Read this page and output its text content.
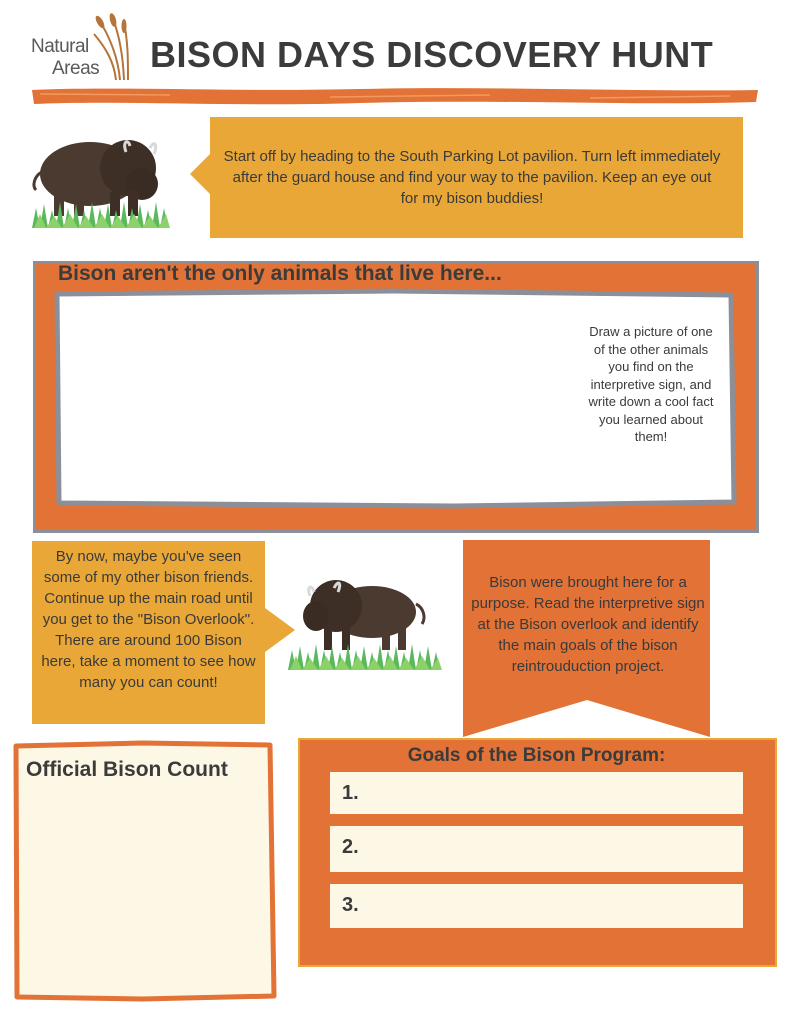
Natural
Areas BISON DAYS DISCOVERY HUNT
Start off by heading to the South Parking Lot pavilion. Turn left immediately after the guard house and find your way to the pavilion. Keep an eye out for my bison buddies!
Bison aren't the only animals that live here...
Draw a picture of one of the other animals you find on the interpretive sign, and write down a cool fact you learned about them!
By now, maybe you've seen some of my other bison friends. Continue up the main road until you get to the "Bison Overlook". There are around 100 Bison here, take a moment to see how many you can count!
Bison were brought here for a purpose. Read the interpretive sign at the Bison overlook and identify the main goals of the bison reintrouduction project.
Official Bison Count
Goals of the Bison Program:
1.
2.
3.
